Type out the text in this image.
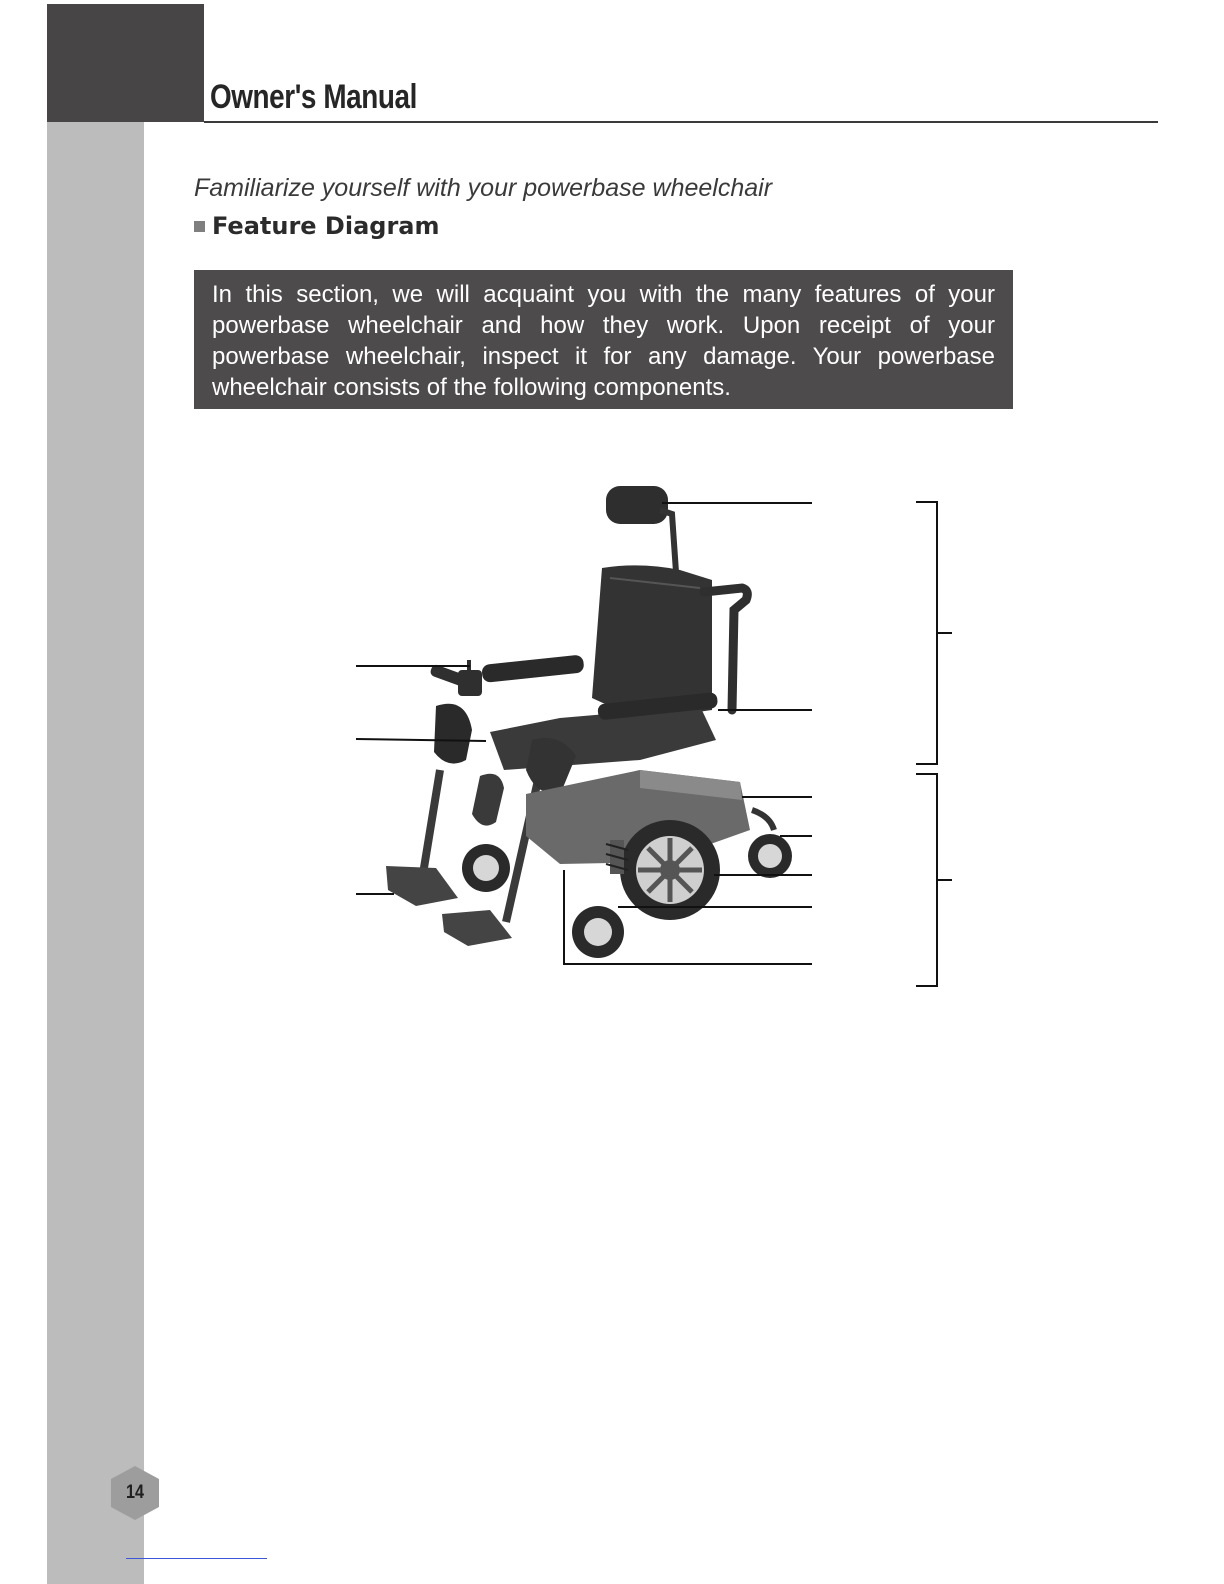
Owner's Manual
Familiarize yourself with your powerbase wheelchair
Feature Diagram

In this section, we will acquaint you with the many features of your powerbase wheelchair and how they work. Upon receipt of your powerbase wheelchair, inspect it for any damage. Your powerbase wheelchair consists of the following components.

14
